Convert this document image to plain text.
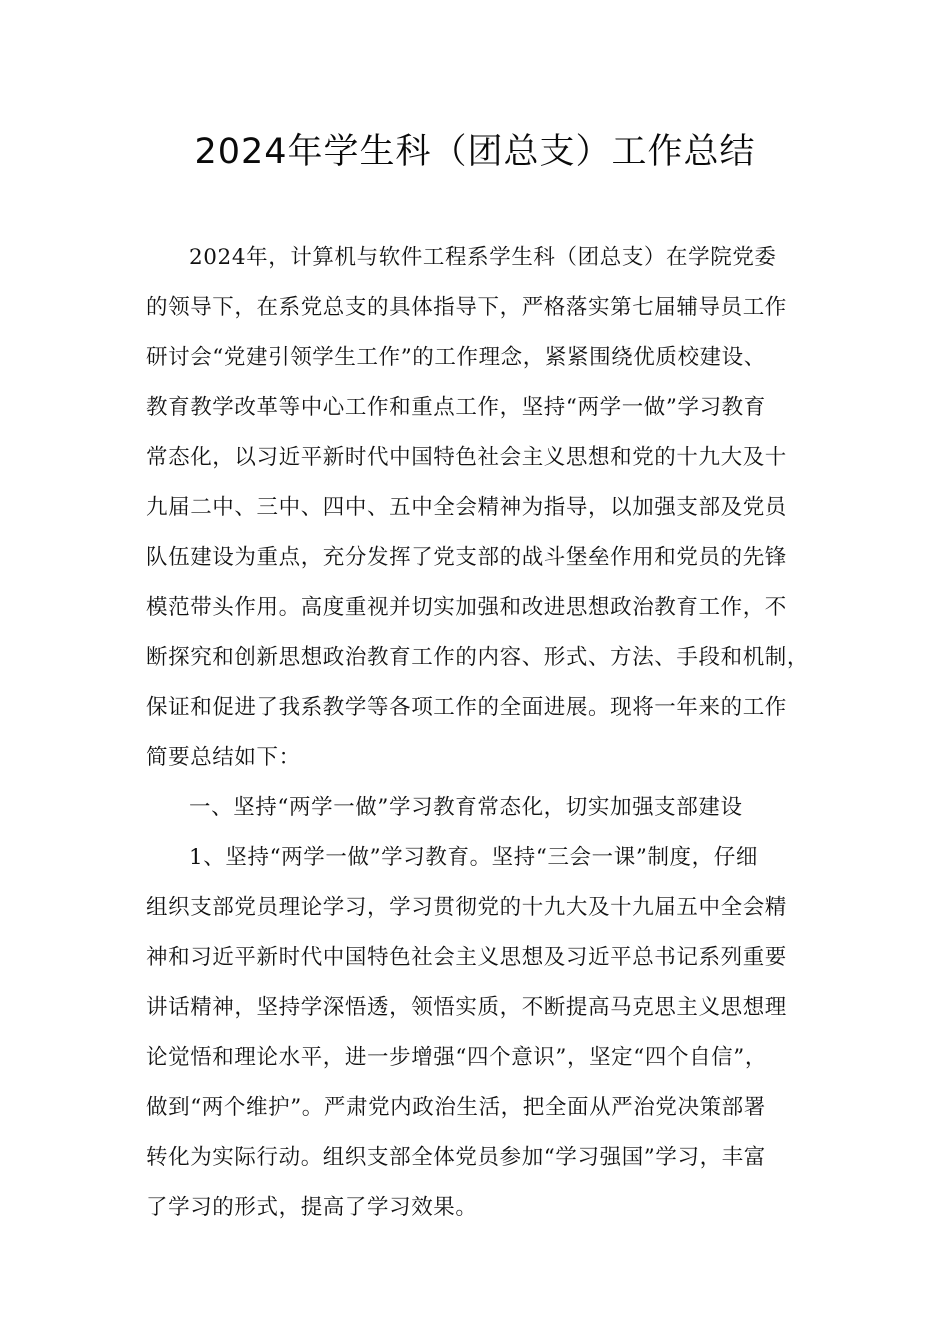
2024年学生科（团总支）工作总结
2024年，计算机与软件工程系学生科（团总支）在学院党委
的领导下，在系党总支的具体指导下，严格落实第七届辅导员工作
研讨会“党建引领学生工作”的工作理念，紧紧围绕优质校建设、
教育教学改革等中心工作和重点工作，坚持“两学一做”学习教育
常态化，以习近平新时代中国特色社会主义思想和党的十九大及十
九届二中、三中、四中、五中全会精神为指导，以加强支部及党员
队伍建设为重点，充分发挥了党支部的战斗堡垒作用和党员的先锋
模范带头作用。高度重视并切实加强和改进思想政治教育工作，不
断探究和创新思想政治教育工作的内容、形式、方法、手段和机制，
保证和促进了我系教学等各项工作的全面进展。现将一年来的工作
简要总结如下：
一、坚持“两学一做”学习教育常态化，切实加强支部建设
1、坚持“两学一做”学习教育。坚持“三会一课”制度，仔细
组织支部党员理论学习，学习贯彻党的十九大及十九届五中全会精
神和习近平新时代中国特色社会主义思想及习近平总书记系列重要
讲话精神，坚持学深悟透，领悟实质，不断提高马克思主义思想理
论觉悟和理论水平，进一步增强“四个意识”，坚定“四个自信”，
做到“两个维护”。严肃党内政治生活，把全面从严治党决策部署
转化为实际行动。组织支部全体党员参加“学习强国”学习，丰富
了学习的形式，提高了学习效果。
